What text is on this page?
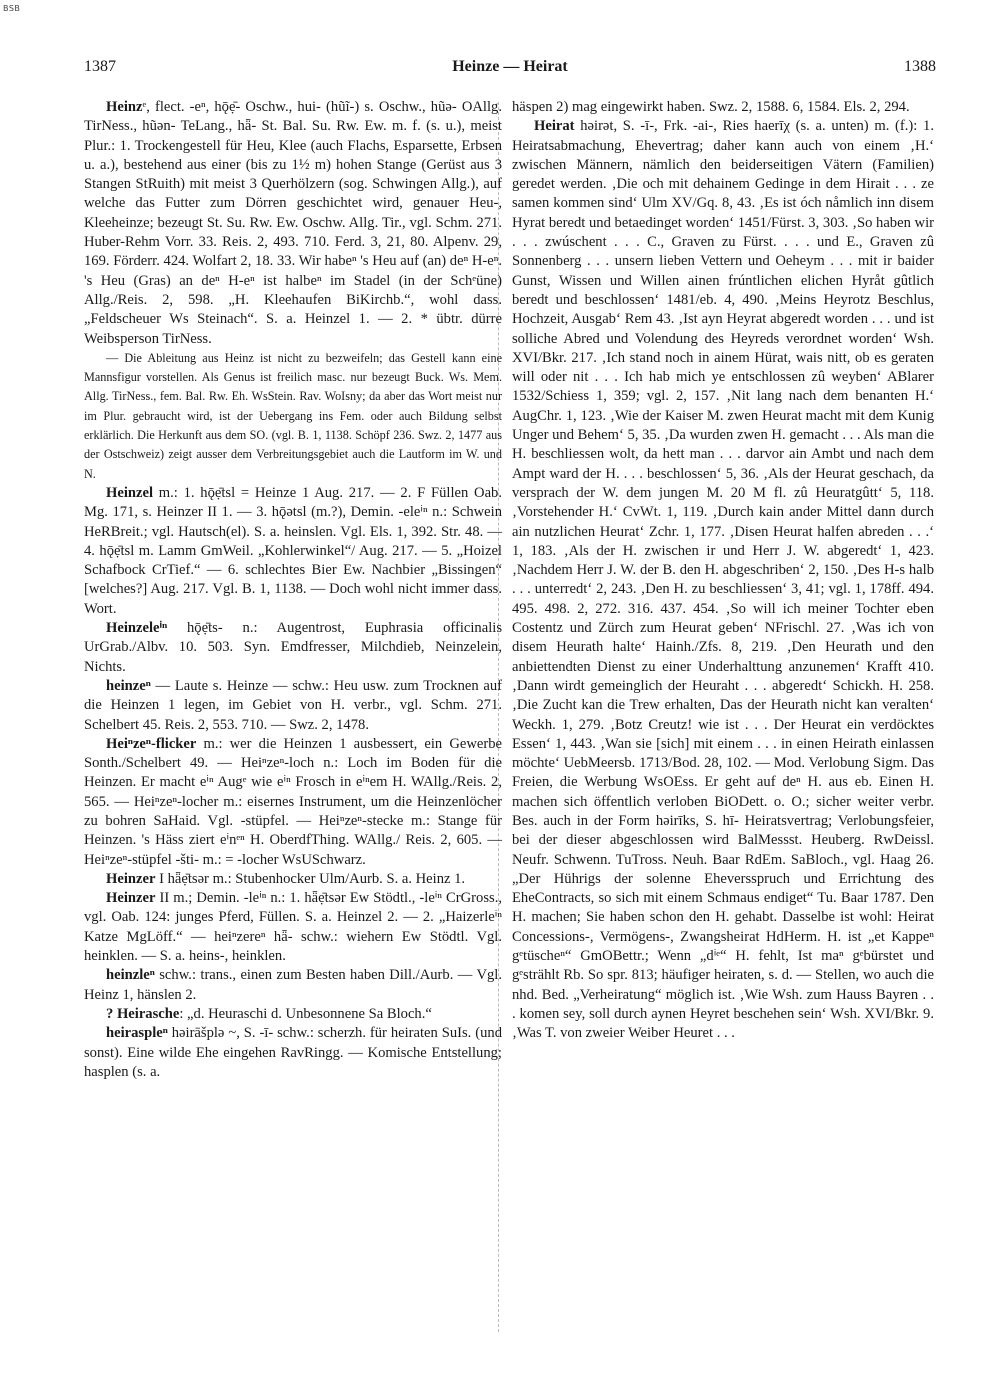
BSB
1387	Heinze — Heirat	1388

Heinzᵉ, flect. -eⁿ, hǭẹ̄- Oschw., hui- (hũĩ-) s. Oschw., hũə- OAllg. TirNess., hũən- TeLang., hǟ- St. Bal. Su. Rw. Ew. m. f. (s. u.), meist Plur.: 1. Trockengestell für Heu, Klee (auch Flachs, Esparsette, Erbsen u. a.), bestehend aus einer (bis zu 1½ m) hohen Stange (Gerüst aus 3 Stangen StRuith) mit meist 3 Querhölzern (sog. Schwingen Allg.), auf welche das Futter zum Dörren geschichtet wird, genauer Heu-, Kleeheinze; bezeugt St. Su. Rw. Ew. Oschw. Allg. Tir., vgl. Schm. 271. Huber-Rehm Vorr. 33. Reis. 2, 493. 710. Ferd. 3, 21, 80. Alpenv. 29, 169. Förderr. 424. Wolfart 2, 18. 33. Wir habeⁿ 's Heu auf (an) deⁿ H-eⁿ. 's Heu (Gras) an deⁿ H-eⁿ ist halbeⁿ im Stadel (in der Schᵉüne) Allg./Reis. 2, 598. „H. Kleehaufen BiKirchb.“, wohl dass. „Feldscheuer Ws Steinach“. S. a. Heinzel 1. — 2. * übtr. dürre Weibsperson TirNess.

— Die Ableitung aus Heinz ist nicht zu bezweifeln; das Gestell kann eine Mannsfigur vorstellen. Als Genus ist freilich masc. nur bezeugt Buck. Ws. Mem. Allg. TirNess., fem. Bal. Rw. Eh. WsStein. Rav. WoIsny; da aber das Wort meist nur im Plur. gebraucht wird, ist der Uebergang ins Fem. oder auch Bildung selbst erklärlich. Die Herkunft aus dem SO. (vgl. B. 1, 1138. Schöpf 236. Swz. 2, 1477 aus der Ostschweiz) zeigt ausser dem Verbreitungsgebiet auch die Lautform im W. und N.

Heinzel m.: 1. hǭẹ̄tsl = Heinze 1 Aug. 217. — 2. F Füllen Oab. Mg. 171, s. Heinzer II 1. — 3. hǭətsl (m.?), Demin. -eleⁱⁿ n.: Schwein HeRBreit.; vgl. Hautsch(el). S. a. heinslen. Vgl. Els. 1, 392. Str. 48. — 4. hǭẹ̄tsl m. Lamm GmWeil. „Kohlerwinkel“/ Aug. 217. — 5. „Hoizel Schafbock CrTief.“ — 6. schlechtes Bier Ew. Nachbier „Bissingen“ [welches?] Aug. 217. Vgl. B. 1, 1138. — Doch wohl nicht immer dass. Wort.

Heinzeleⁱⁿ hǭẹ̄ts- n.: Augentrost, Euphrasia officinalis UrGrab./Albv. 10. 503. Syn. Emdfresser, Milchdieb, Neinzelein, Nichts.

heinzeⁿ — Laute s. Heinze — schw.: Heu usw. zum Trocknen auf die Heinzen 1 legen, im Gebiet von H. verbr., vgl. Schm. 271. Schelbert 45. Reis. 2, 553. 710. — Swz. 2, 1478.

Heiⁿzeⁿ-flicker m.: wer die Heinzen 1 ausbessert, ein Gewerbe Sonth./Schelbert 49. — Heiⁿzeⁿ-loch n.: Loch im Boden für die Heinzen. Er macht eⁱⁿ Augᵉ wie eⁱⁿ Frosch in eⁱⁿem H. WAllg./Reis. 2, 565. — Heiⁿzeⁿ-locher m.: eisernes Instrument, um die Heinzenlöcher zu bohren SaHaid. Vgl. -stüpfel. — Heiⁿzeⁿ-stecke m.: Stange für Heinzen. 's Häss ziert eⁱnᵉⁿ H. OberdfThing. WAllg./ Reis. 2, 605. — Heiⁿzeⁿ-stüpfel -šti- m.: = -locher WsUSchwarz.

Heinzer I hǟẹ̄tsər m.: Stubenhocker Ulm/Aurb. S. a. Heinz 1.

Heinzer II m.; Demin. -leⁱⁿ n.: 1. hǟẹ̄tsər Ew Stödtl., -leⁱⁿ CrGross., vgl. Oab. 124: junges Pferd, Füllen. S. a. Heinzel 2. — 2. „Haizerleⁱⁿ Katze MgLöff.“ — heiⁿzereⁿ hǟ- schw.: wiehern Ew Stödtl. Vgl. heinklen. — S. a. heins-, heinklen.

heinzleⁿ schw.: trans., einen zum Besten haben Dill./Aurb. — Vgl. Heinz 1, hänslen 2.

? Heirasche: „d. Heuraschi d. Unbesonnene Sa Bloch.“

heiraspleⁿ həirāšplə ~, S. -ī- schw.: scherzh. für heiraten SuIs. (und sonst). Eine wilde Ehe eingehen RavRingg. — Komische Entstellung; hasplen (s. a.

häspen 2) mag eingewirkt haben. Swz. 2, 1588. 6, 1584. Els. 2, 294.

Heirat həirət, S. -ī-, Frk. -ai-, Ries haerīχ (s. a. unten) m. (f.): 1. Heiratsabmachung, Ehevertrag; daher kann auch von einem ‚H.‘ zwischen Männern, nämlich den beiderseitigen Vätern (Familien) geredet werden. ‚Die och mit dehainem Gedinge in dem Hirait . . . ze samen kommen sind‘ Ulm XV/Gq. 8, 43. ‚Es ist óch nåmlich inn disem Hyrat beredt und betaedinget worden‘ 1451/Fürst. 3, 303. ‚So haben wir . . . zwúschent . . . C., Graven zu Fürst. . . . und E., Graven zû Sonnenberg . . . unsern lieben Vettern und Oeheym . . . mit ir baider Gunst, Wissen und Willen ainen frúntlichen elichen Hyråt gûtlich beredt und beschlossen‘ 1481/eb. 4, 490. ‚Meins Heyrotz Beschlus, Hochzeit, Ausgab‘ Rem 43. ‚Ist ayn Heyrat abgeredt worden . . . und ist solliche Abred und Volendung des Heyreds verordnet worden‘ Wsh. XVI/Bkr. 217. ‚Ich stand noch in ainem Hürat, wais nitt, ob es geraten will oder nit . . . Ich hab mich ye entschlossen zû weyben‘ ABlarer 1532/Schiess 1, 359; vgl. 2, 157. ‚Nit lang nach dem benanten H.‘ AugChr. 1, 123. ‚Wie der Kaiser M. zwen Heurat macht mit dem Kunig Unger und Behem‘ 5, 35. ‚Da wurden zwen H. gemacht . . . Als man die H. beschliessen wolt, da hett man . . . darvor ain Ambt und nach dem Ampt ward der H. . . . beschlossen‘ 5, 36. ‚Als der Heurat geschach, da versprach der W. dem jungen M. 20 M fl. zû Heuratgûtt‘ 5, 118. ‚Vorstehender H.‘ CvWt. 1, 119. ‚Durch kain ander Mittel dann durch ain nutzlichen Heurat‘ Zchr. 1, 177. ‚Disen Heurat halfen abreden . . .‘ 1, 183. ‚Als der H. zwischen ir und Herr J. W. abgeredt‘ 1, 423. ‚Nachdem Herr J. W. der B. den H. abgeschriben‘ 2, 150. ‚Des H-s halb . . . unterredt‘ 2, 243. ‚Den H. zu beschliessen‘ 3, 41; vgl. 1, 178ff. 494. 495. 498. 2, 272. 316. 437. 454. ‚So will ich meiner Tochter eben Costentz und Zürch zum Heurat geben‘ NFrischl. 27. ‚Was ich von disem Heurath halte‘ Hainh./Zfs. 8, 219. ‚Den Heurath und den anbiettendten Dienst zu einer Underhalttung anzunemen‘ Krafft 410. ‚Dann wirdt gemeinglich der Heuraht . . . abgeredt‘ Schickh. H. 258. ‚Die Zucht kan die Trew erhalten, Das der Heurath nicht kan veralten‘ Weckh. 1, 279. ‚Botz Creutz! wie ist . . . Der Heurat ein verdöcktes Essen‘ 1, 443. ‚Wan sie [sich] mit einem . . . in einen Heirath einlassen möchte‘ UebMeersb. 1713/Bod. 28, 102. — Mod. Verlobung Sigm. Das Freien, die Werbung WsOEss. Er geht auf deⁿ H. aus eb. Einen H. machen sich öffentlich verloben BiODett. o. O.; sicher weiter verbr. Bes. auch in der Form həirīks, S. hī- Heiratsvertrag; Verlobungsfeier, bei der dieser abgeschlossen wird BalMessst. Heuberg. RwDeissl. Neufr. Schwenn. TuTross. Neuh. Baar RdEm. SaBloch., vgl. Haag 26. „Der Hührigs der solenne Eheversspruch und Errichtung des EheContracts, so sich mit einem Schmaus endiget“ Tu. Baar 1787. Den H. machen; Sie haben schon den H. gehabt. Dasselbe ist wohl: Heirat Concessions-, Vermögens-, Zwangsheirat HdHerm. H. ist „et Kappeⁿ gᵉtüscheⁿ“ GmOBettr.; Wenn „dⁱᵉ“ H. fehlt, Ist maⁿ gᵉbürstet und gᵉstrählt Rb. So spr. 813; häufiger heiraten, s. d. — Stellen, wo auch die nhd. Bed. „Verheiratung“ möglich ist. ‚Wie Wsh. zum Hauss Bayren . . . komen sey, soll durch aynen Heyret beschehen sein‘ Wsh. XVI/Bkr. 9. ‚Was T. von zweier Weiber Heuret . . .
